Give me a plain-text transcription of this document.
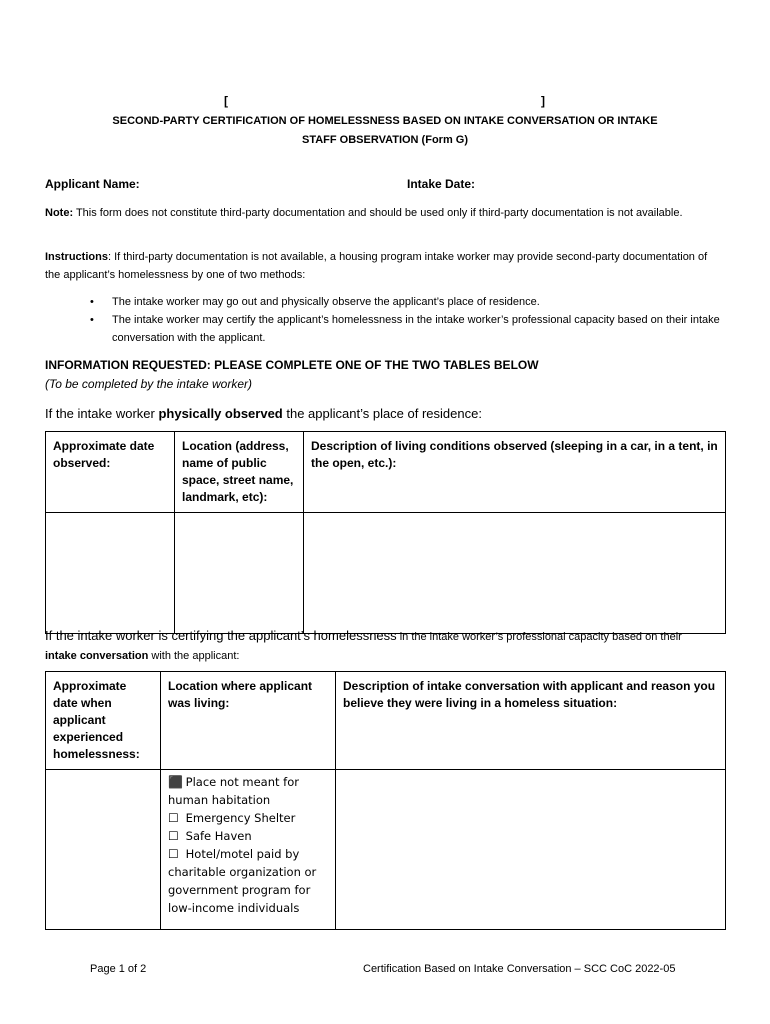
[	]
SECOND-PARTY CERTIFICATION OF HOMELESSNESS BASED ON INTAKE CONVERSATION OR INTAKE
STAFF OBSERVATION (Form G)
Applicant Name:	Intake Date:
Note: This form does not constitute third-party documentation and should be used only if third-party documentation is not available.
Instructions: If third-party documentation is not available, a housing program intake worker may provide second-party documentation of the applicant’s homelessness by one of two methods:
• The intake worker may go out and physically observe the applicant’s place of residence.
• The intake worker may certify the applicant’s homelessness in the intake worker’s professional capacity based on their intake conversation with the applicant.
INFORMATION REQUESTED: PLEASE COMPLETE ONE OF THE TWO TABLES BELOW
(To be completed by the intake worker)
If the intake worker physically observed the applicant’s place of residence:
Approximate date observed:	Location (address, name of public space, street name, landmark, etc):	Description of living conditions observed (sleeping in a car, in a tent, in the open, etc.):

If the intake worker is certifying the applicant’s homelessness in the intake worker’s professional capacity based on their
intake conversation with the applicant:
Approximate date when applicant experienced homelessness:	Location where applicant was living:	Description of intake conversation with applicant and reason you believe they were living in a homeless situation:

	⬛ Place not meant for human habitation
☐ Emergency Shelter
☐ Safe Haven
☐ Hotel/motel paid by charitable organization or government program for low-income individuals	

Page 1 of 2	Certification Based on Intake Conversation – SCC CoC 2022-05
